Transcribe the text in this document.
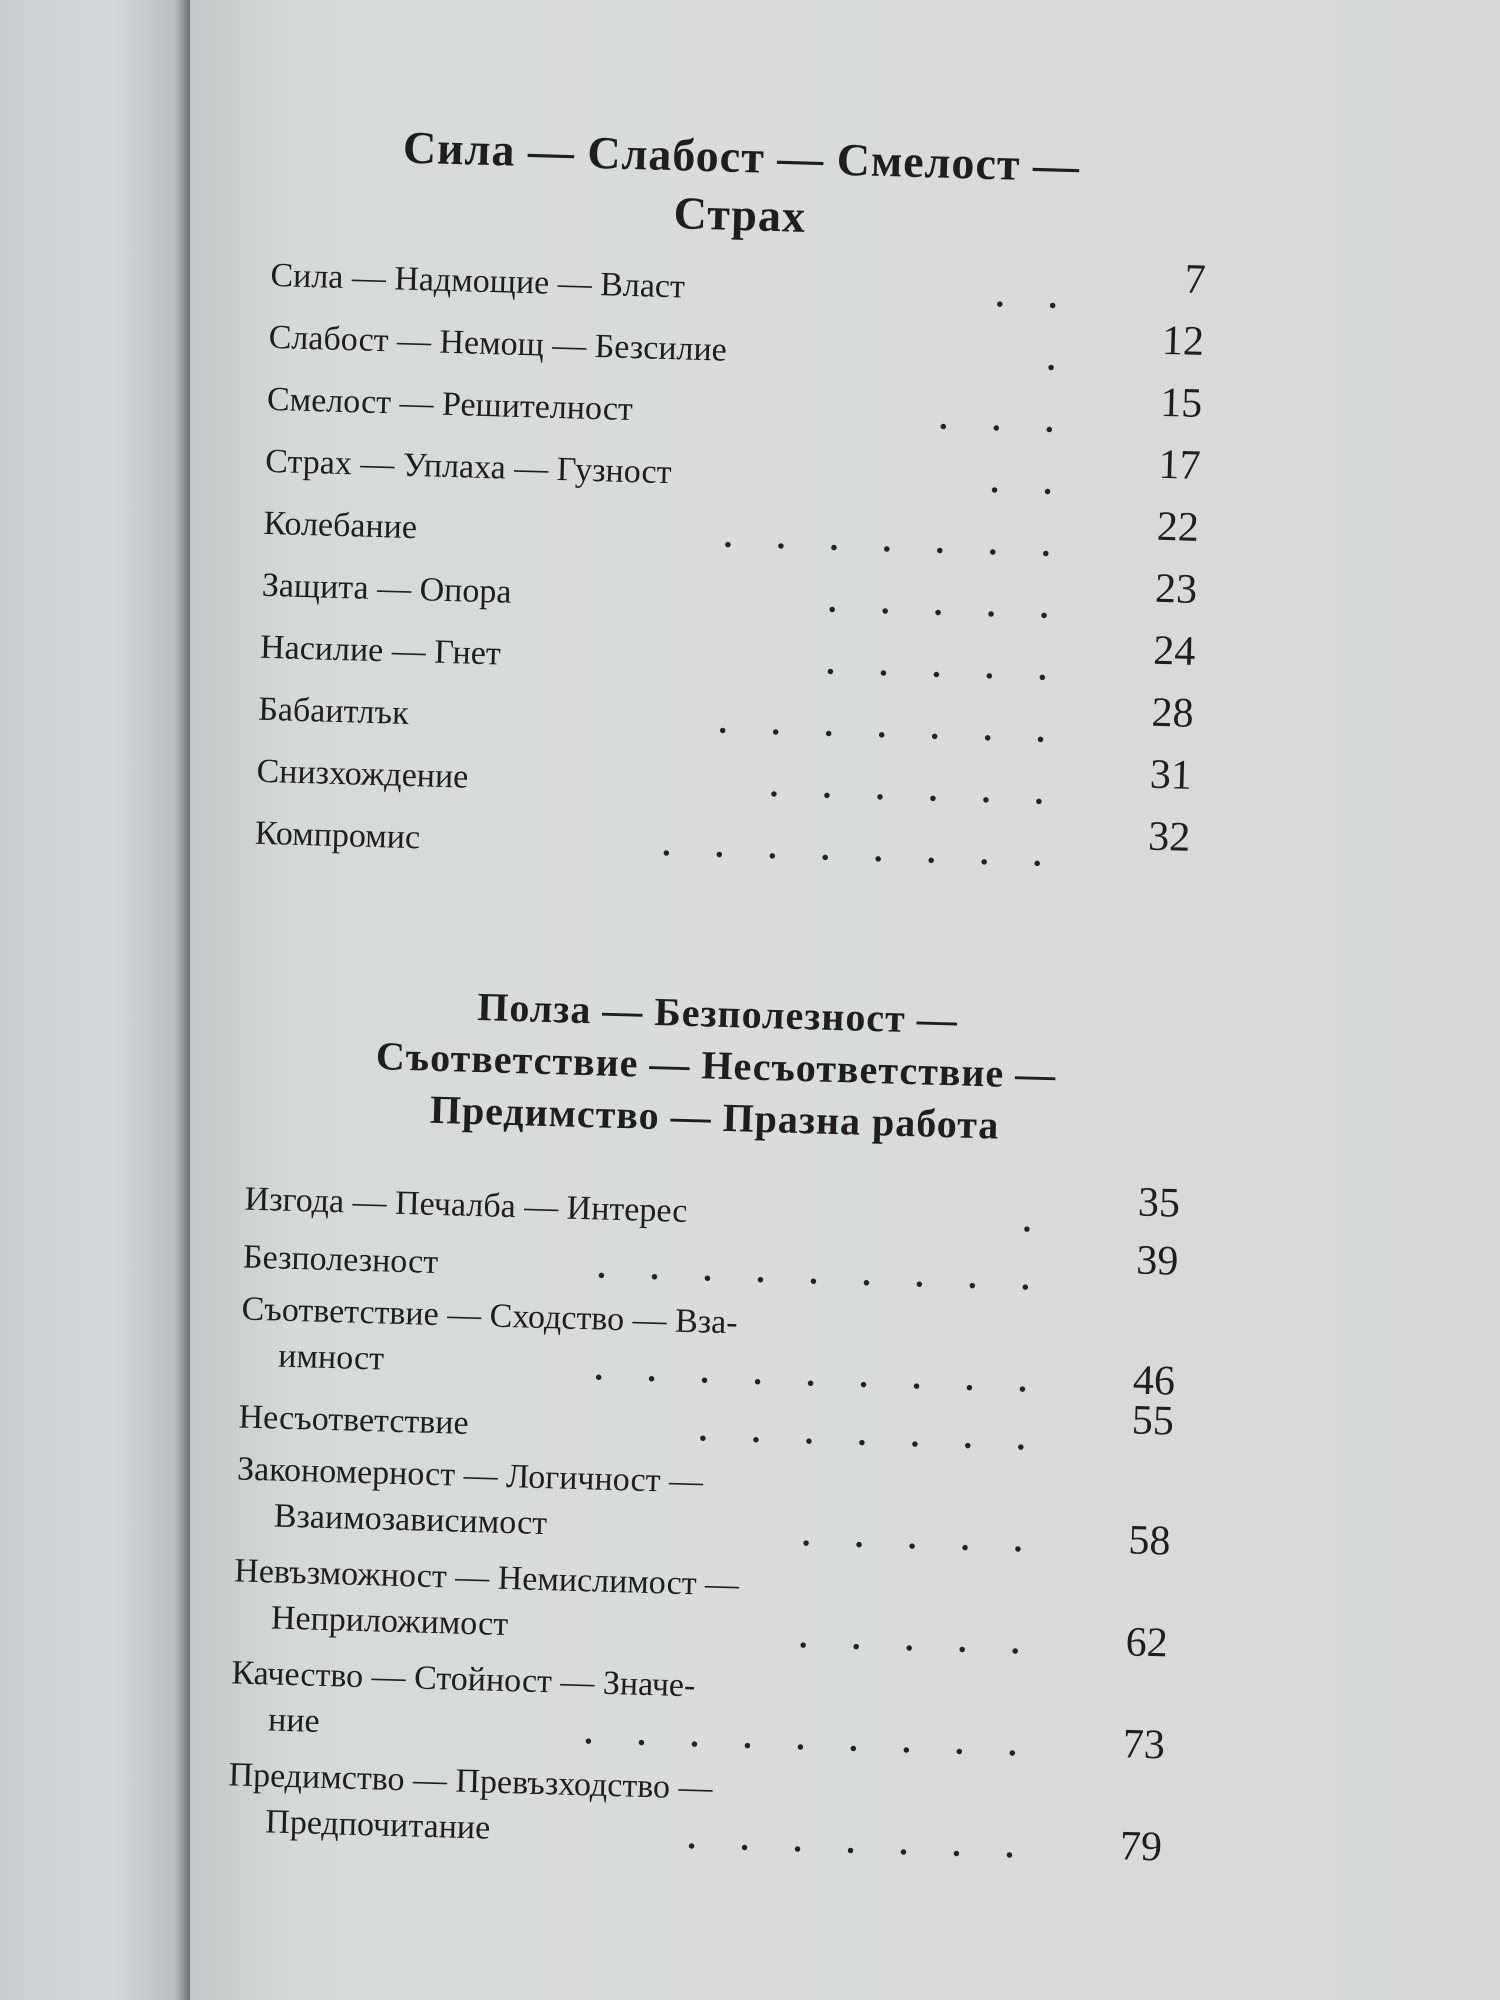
Сила — Слабост — Смелост —
Страх

Сила — Надмощие — Власт	. .	7
Слабост — Немощ — Безсилие	.	12
Смелост — Решителност	. . .	15
Страх — Уплаха — Гузност	. .	17
Колебание	. . . . . . .	22
Защита — Опора	. . . . .	23
Насилие — Гнет	. . . . .	24
Бабаитлък	. . . . . . .	28
Снизхождение	. . . . . .	31
Компромис	. . . . . . . .	32

Полза — Безполезност —
Съответствие — Несъответствие —
Предимство — Празна работа

Изгода — Печалба — Интерес	.	35
Безполезност	. . . . . . . . .	39
Съответствие — Сходство — Вза-
имност	. . . . . . . . .	46
Несъответствие	. . . . . . .	55
Закономерност — Логичност —
Взаимозависимост	. . . . .	58
Невъзможност — Немислимост —
Неприложимост	. . . . .	62
Качество — Стойност — Значе-
ние	. . . . . . . . .	73
Предимство — Превъзходство —
Предпочитание	. . . . . . .	79
